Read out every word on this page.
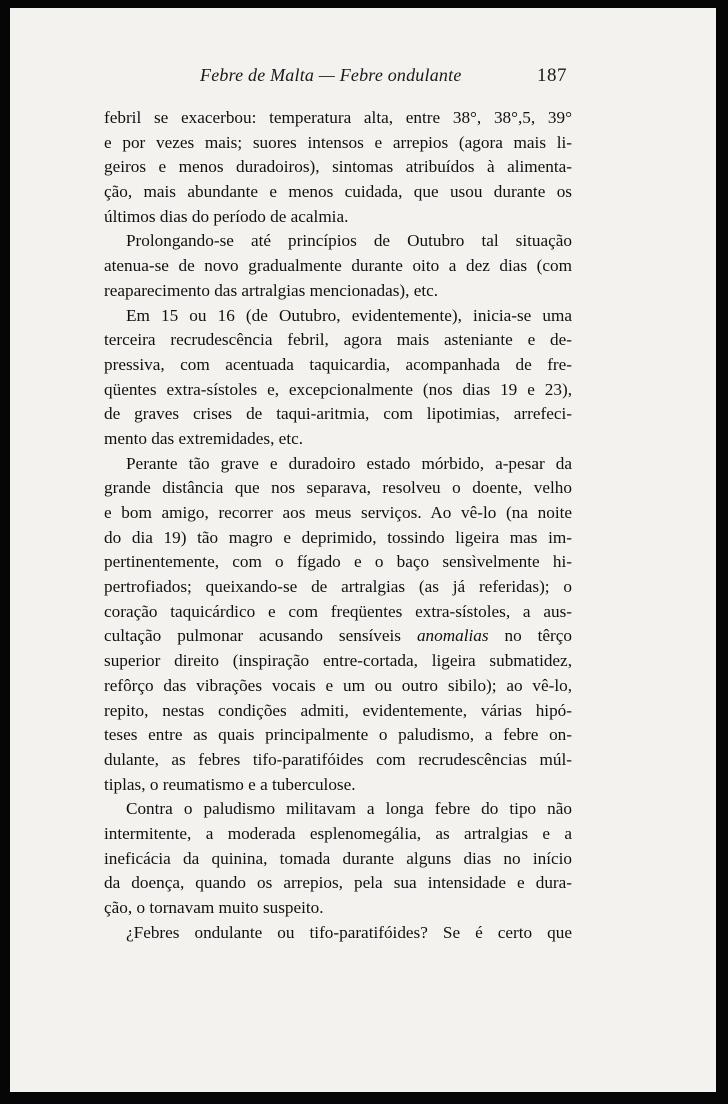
Febre de Malta — Febre ondulante	187
febril se exacerbou: temperatura alta, entre 38°, 38°,5, 39°
e por vezes mais; suores intensos e arrepios (agora mais li-
geiros e menos duradoiros), sintomas atribuídos à alimenta-
ção, mais abundante e menos cuidada, que usou durante os
últimos dias do período de acalmia.
Prolongando-se até princípios de Outubro tal situação
atenua-se de novo gradualmente durante oito a dez dias (com
reaparecimento das artralgias mencionadas), etc.
Em 15 ou 16 (de Outubro, evidentemente), inicia-se uma
terceira recrudescência febril, agora mais asteniante e de-
pressiva, com acentuada taquicardia, acompanhada de fre-
qüentes extra-sístoles e, excepcionalmente (nos dias 19 e 23),
de graves crises de taqui-aritmia, com lipotimias, arrefeci-
mento das extremidades, etc.
Perante tão grave e duradoiro estado mórbido, a-pesar da
grande distância que nos separava, resolveu o doente, velho
e bom amigo, recorrer aos meus serviços. Ao vê-lo (na noite
do dia 19) tão magro e deprimido, tossindo ligeira mas im-
pertinentemente, com o fígado e o baço sensìvelmente hi-
pertrofiados; queixando-se de artralgias (as já referidas); o
coração taquicárdico e com freqüentes extra-sístoles, a aus-
cultação pulmonar acusando sensíveis anomalias no têrço
superior direito (inspiração entre-cortada, ligeira submatidez,
refôrço das vibrações vocais e um ou outro sibilo); ao vê-lo,
repito, nestas condições admiti, evidentemente, várias hipó-
teses entre as quais principalmente o paludismo, a febre on-
dulante, as febres tifo-paratifóides com recrudescências múl-
tiplas, o reumatismo e a tuberculose.
Contra o paludismo militavam a longa febre do tipo não
intermitente, a moderada esplenomegália, as artralgias e a
ineficácia da quinina, tomada durante alguns dias no início
da doença, quando os arrepios, pela sua intensidade e dura-
ção, o tornavam muito suspeito.
¿Febres ondulante ou tifo-paratifóides? Se é certo que
